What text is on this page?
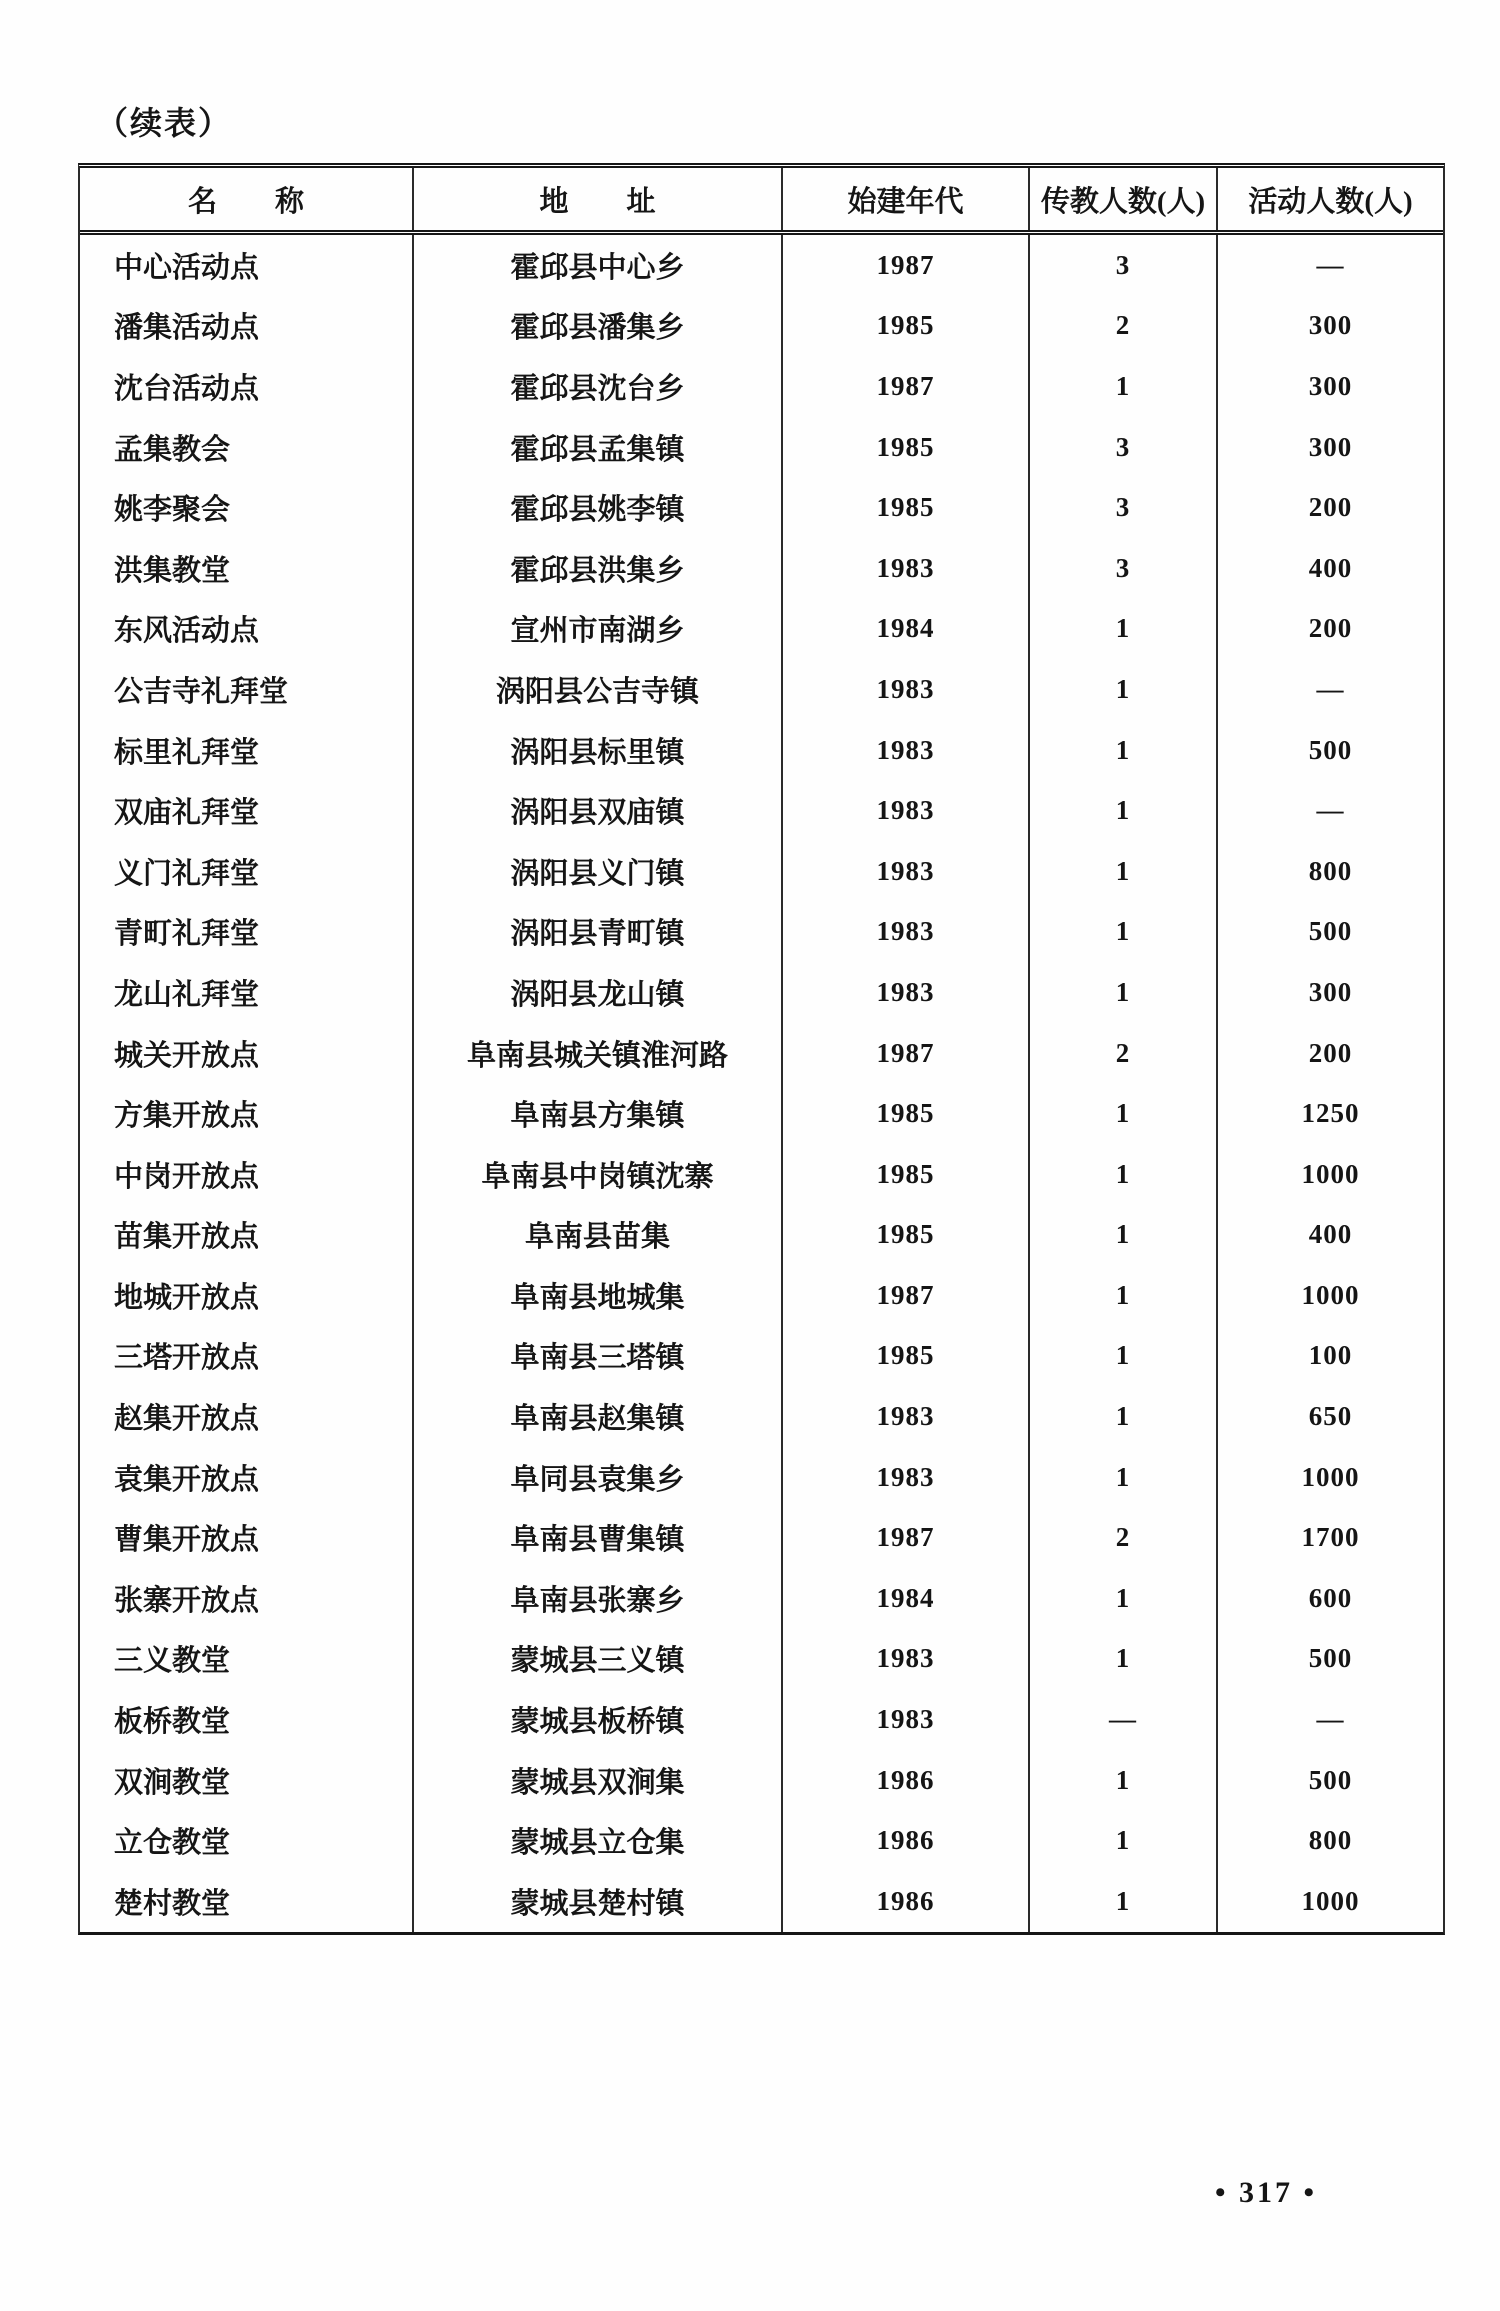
（续表）
名　　称	地　　址	始建年代	传教人数(人)	活动人数(人)
中心活动点	霍邱县中心乡	1987	3	—
潘集活动点	霍邱县潘集乡	1985	2	300
沈台活动点	霍邱县沈台乡	1987	1	300
孟集教会	霍邱县孟集镇	1985	3	300
姚李聚会	霍邱县姚李镇	1985	3	200
洪集教堂	霍邱县洪集乡	1983	3	400
东风活动点	宣州市南湖乡	1984	1	200
公吉寺礼拜堂	涡阳县公吉寺镇	1983	1	—
标里礼拜堂	涡阳县标里镇	1983	1	500
双庙礼拜堂	涡阳县双庙镇	1983	1	—
义门礼拜堂	涡阳县义门镇	1983	1	800
青町礼拜堂	涡阳县青町镇	1983	1	500
龙山礼拜堂	涡阳县龙山镇	1983	1	300
城关开放点	阜南县城关镇淮河路	1987	2	200
方集开放点	阜南县方集镇	1985	1	1250
中岗开放点	阜南县中岗镇沈寨	1985	1	1000
苗集开放点	阜南县苗集	1985	1	400
地城开放点	阜南县地城集	1987	1	1000
三塔开放点	阜南县三塔镇	1985	1	100
赵集开放点	阜南县赵集镇	1983	1	650
袁集开放点	阜同县袁集乡	1983	1	1000
曹集开放点	阜南县曹集镇	1987	2	1700
张寨开放点	阜南县张寨乡	1984	1	600
三义教堂	蒙城县三义镇	1983	1	500
板桥教堂	蒙城县板桥镇	1983	—	—
双涧教堂	蒙城县双涧集	1986	1	500
立仓教堂	蒙城县立仓集	1986	1	800
楚村教堂	蒙城县楚村镇	1986	1	1000
• 317 •
